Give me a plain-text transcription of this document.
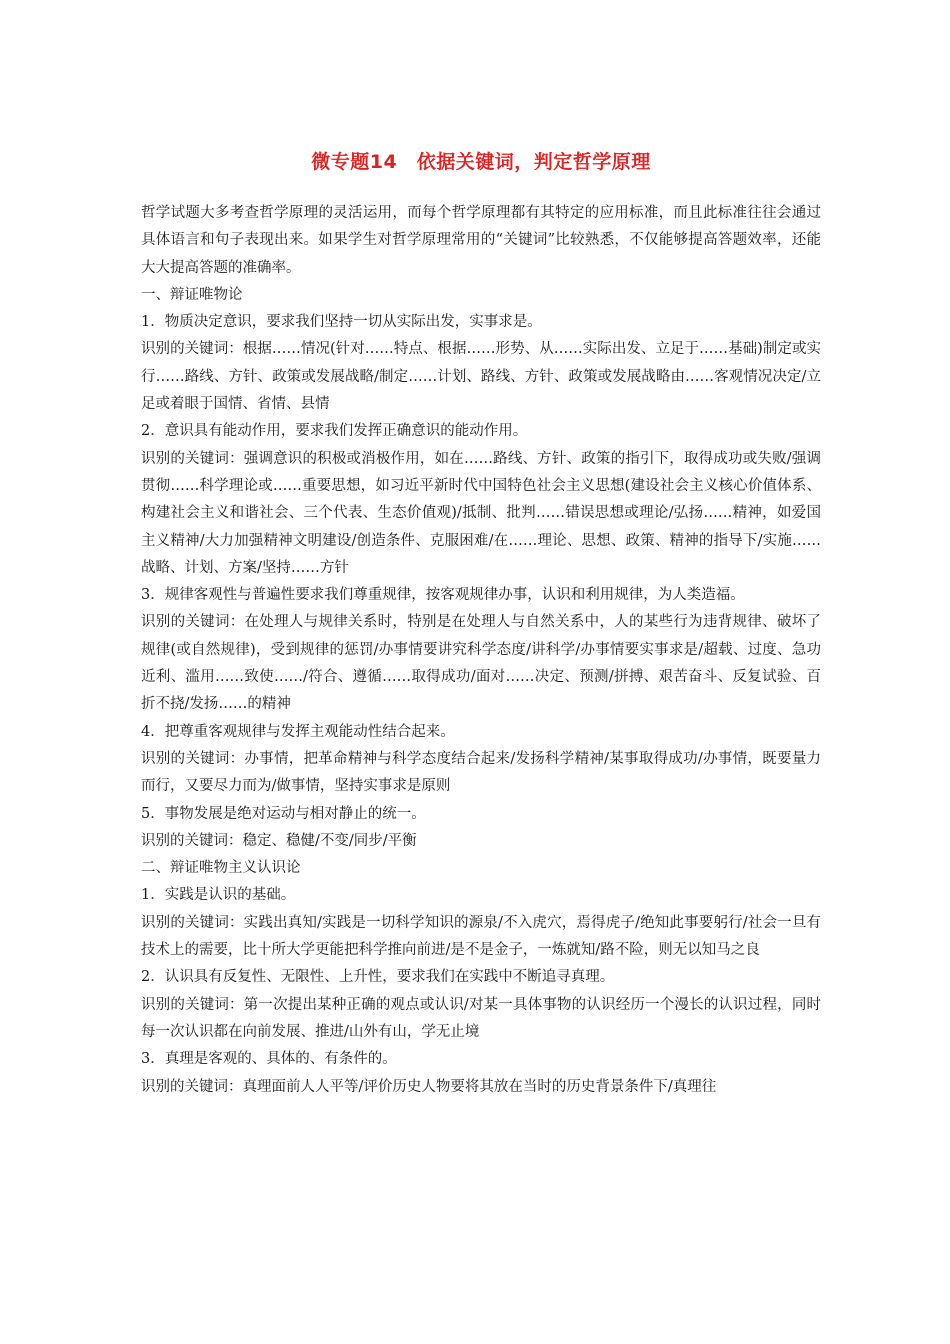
微专题14　依据关键词，判定哲学原理

哲学试题大多考查哲学原理的灵活运用，而每个哲学原理都有其特定的应用标准，而且此标准往往会通过具体语言和句子表现出来。如果学生对哲学原理常用的“关键词”比较熟悉，不仅能够提高答题效率，还能大大提高答题的准确率。

一、辩证唯物论

1．物质决定意识，要求我们坚持一切从实际出发，实事求是。

识别的关键词：根据……情况(针对……特点、根据……形势、从……实际出发、立足于……基础)制定或实行……路线、方针、政策或发展战略/制定……计划、路线、方针、政策或发展战略由……客观情况决定/立足或着眼于国情、省情、县情

2．意识具有能动作用，要求我们发挥正确意识的能动作用。

识别的关键词：强调意识的积极或消极作用，如在……路线、方针、政策的指引下，取得成功或失败/强调贯彻……科学理论或……重要思想，如习近平新时代中国特色社会主义思想(建设社会主义核心价值体系、构建社会主义和谐社会、三个代表、生态价值观)/抵制、批判……错误思想或理论/弘扬……精神，如爱国主义精神/大力加强精神文明建设/创造条件、克服困难/在……理论、思想、政策、精神的指导下/实施……战略、计划、方案/坚持……方针

3．规律客观性与普遍性要求我们尊重规律，按客观规律办事，认识和利用规律，为人类造福。

识别的关键词：在处理人与规律关系时，特别是在处理人与自然关系中，人的某些行为违背规律、破坏了规律(或自然规律)，受到规律的惩罚/办事情要讲究科学态度/讲科学/办事情要实事求是/超载、过度、急功近利、滥用……致使……/符合、遵循……取得成功/面对……决定、预测/拼搏、艰苦奋斗、反复试验、百折不挠/发扬……的精神

4．把尊重客观规律与发挥主观能动性结合起来。

识别的关键词：办事情，把革命精神与科学态度结合起来/发扬科学精神/某事取得成功/办事情，既要量力而行，又要尽力而为/做事情，坚持实事求是原则

5．事物发展是绝对运动与相对静止的统一。

识别的关键词：稳定、稳健/不变/同步/平衡

二、辩证唯物主义认识论

1．实践是认识的基础。

识别的关键词：实践出真知/实践是一切科学知识的源泉/不入虎穴，焉得虎子/绝知此事要躬行/社会一旦有技术上的需要，比十所大学更能把科学推向前进/是不是金子，一炼就知/路不险，则无以知马之良

2．认识具有反复性、无限性、上升性，要求我们在实践中不断追寻真理。

识别的关键词：第一次提出某种正确的观点或认识/对某一具体事物的认识经历一个漫长的认识过程，同时每一次认识都在向前发展、推进/山外有山，学无止境

3．真理是客观的、具体的、有条件的。

识别的关键词：真理面前人人平等/评价历史人物要将其放在当时的历史背景条件下/真理往
